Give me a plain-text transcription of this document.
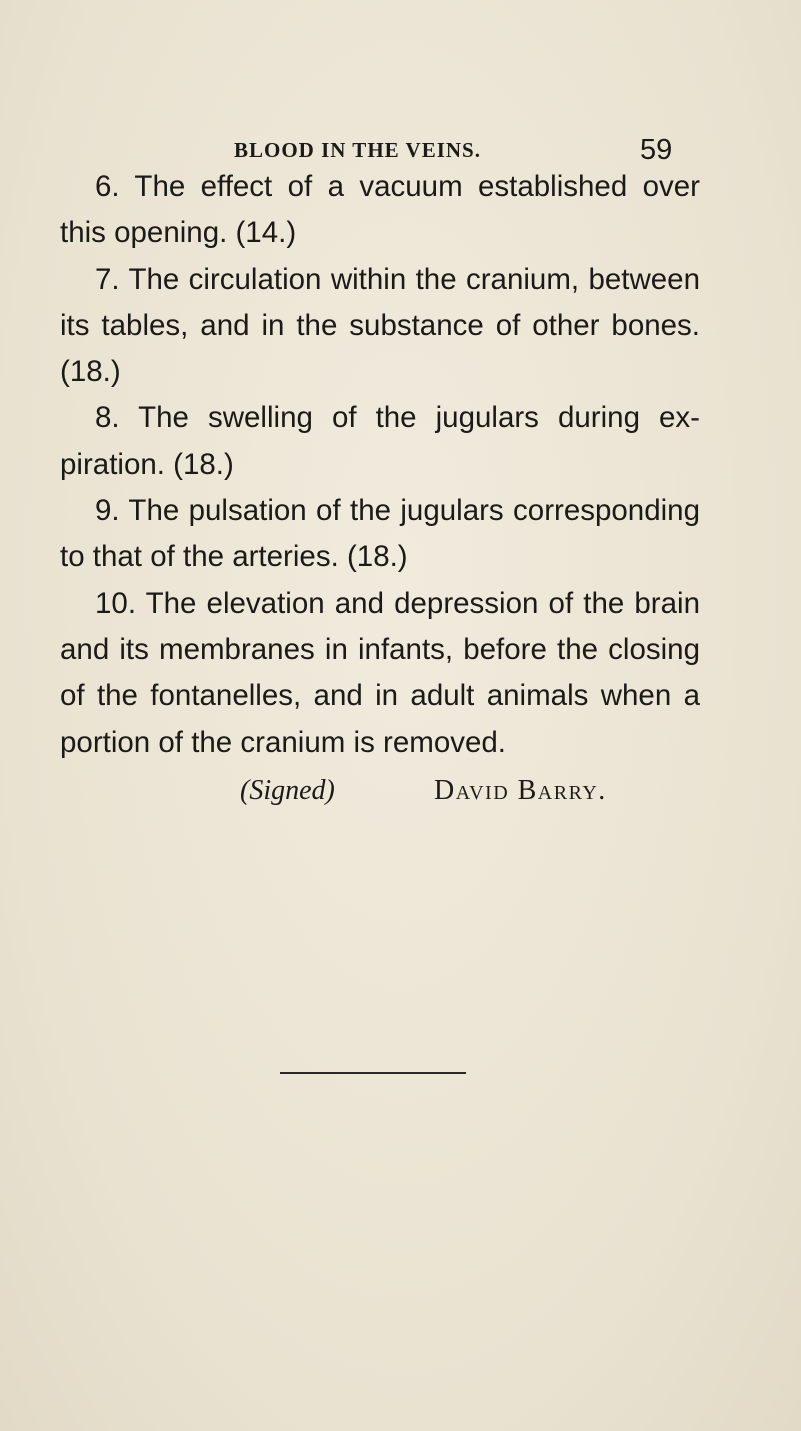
BLOOD IN THE VEINS.	59

6. The effect of a vacuum established over this opening. (14.)

7. The circulation within the cranium, between its tables, and in the substance of other bones. (18.)

8. The swelling of the jugulars during expiration. (18.)

9. The pulsation of the jugulars corresponding to that of the arteries. (18.)

10. The elevation and depression of the brain and its membranes in infants, before the closing of the fontanelles, and in adult animals when a portion of the cranium is removed.

(Signed)	David Barry.
